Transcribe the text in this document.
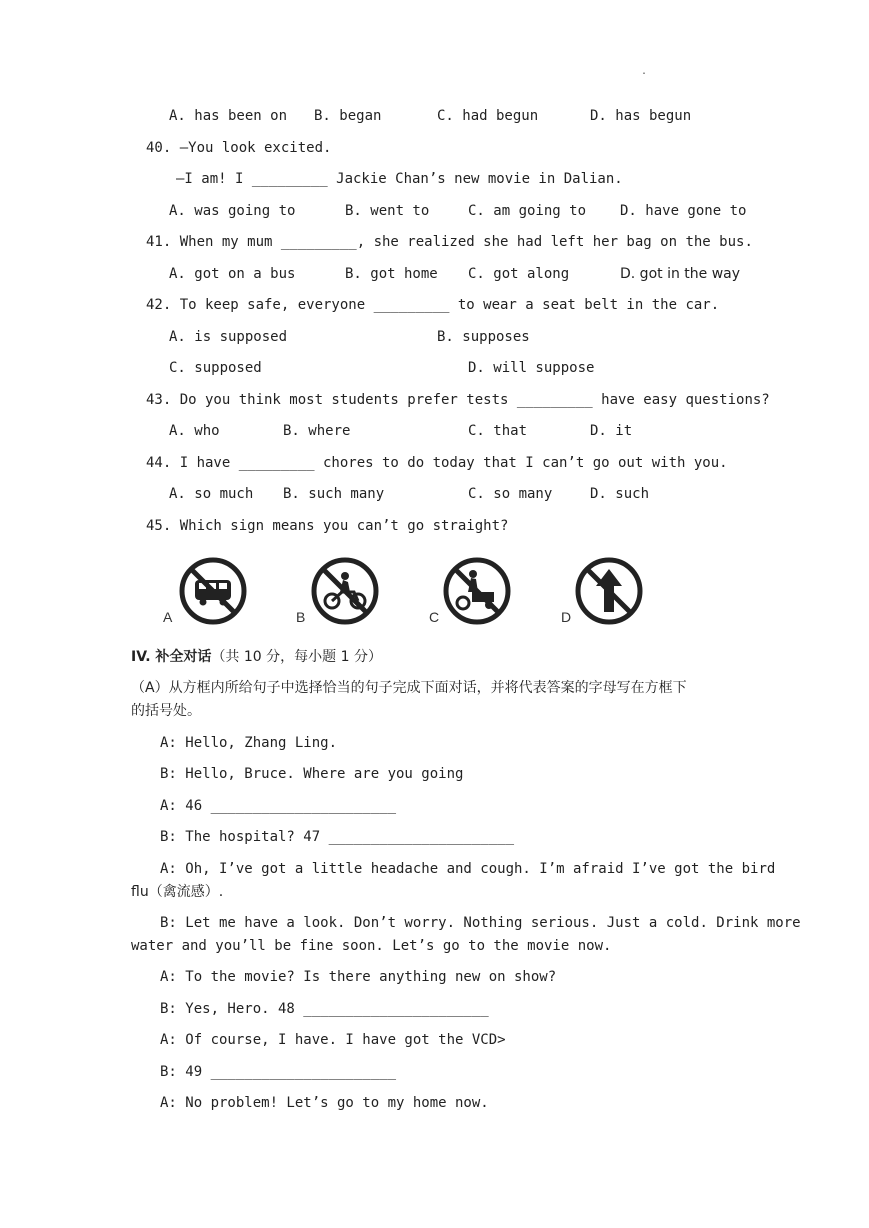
.
A. has been on B. began	C. had begun	D. has begun
40. —You look excited.
—I am! I _________ Jackie Chan’s new movie in Dalian.
A. was going to	B. went to	C. am going to D. have gone to
41. When my mum _________, she realized she had left her bag on the bus.
A. got on a bus	B. got home C. got along	D. got in the way
42. To keep safe, everyone _________ to wear a seat belt in the car.
A. is supposed	B. supposes
C. supposed	D. will suppose
43. Do you think most students prefer tests _________ have easy questions?
A. who	B. where	C. that	D. it
44. I have _________ chores to do today that I can’t go out with you.
A. so much B. such many	C. so many	D. such
45. Which sign means you can’t go straight?
A	B	C	D
IV. 补全对话（共 10 分，每小题 1 分）
（A）从方框内所给句子中选择恰当的句子完成下面对话，并将代表答案的字母写在方框下
的括号处。
A: Hello, Zhang Ling.
B: Hello, Bruce. Where are you going
A: 46 ______________________
B: The hospital? 47 ______________________
A: Oh, I’ve got a little headache and cough. I’m afraid I’ve got the bird
flu（禽流感）.
B: Let me have a look. Don’t worry. Nothing serious. Just a cold. Drink more
water and you’ll be fine soon. Let’s go to the movie now.
A: To the movie? Is there anything new on show?
B: Yes, Hero. 48 ______________________
A: Of course, I have. I have got the VCD>
B: 49 ______________________
A: No problem! Let’s go to my home now.
